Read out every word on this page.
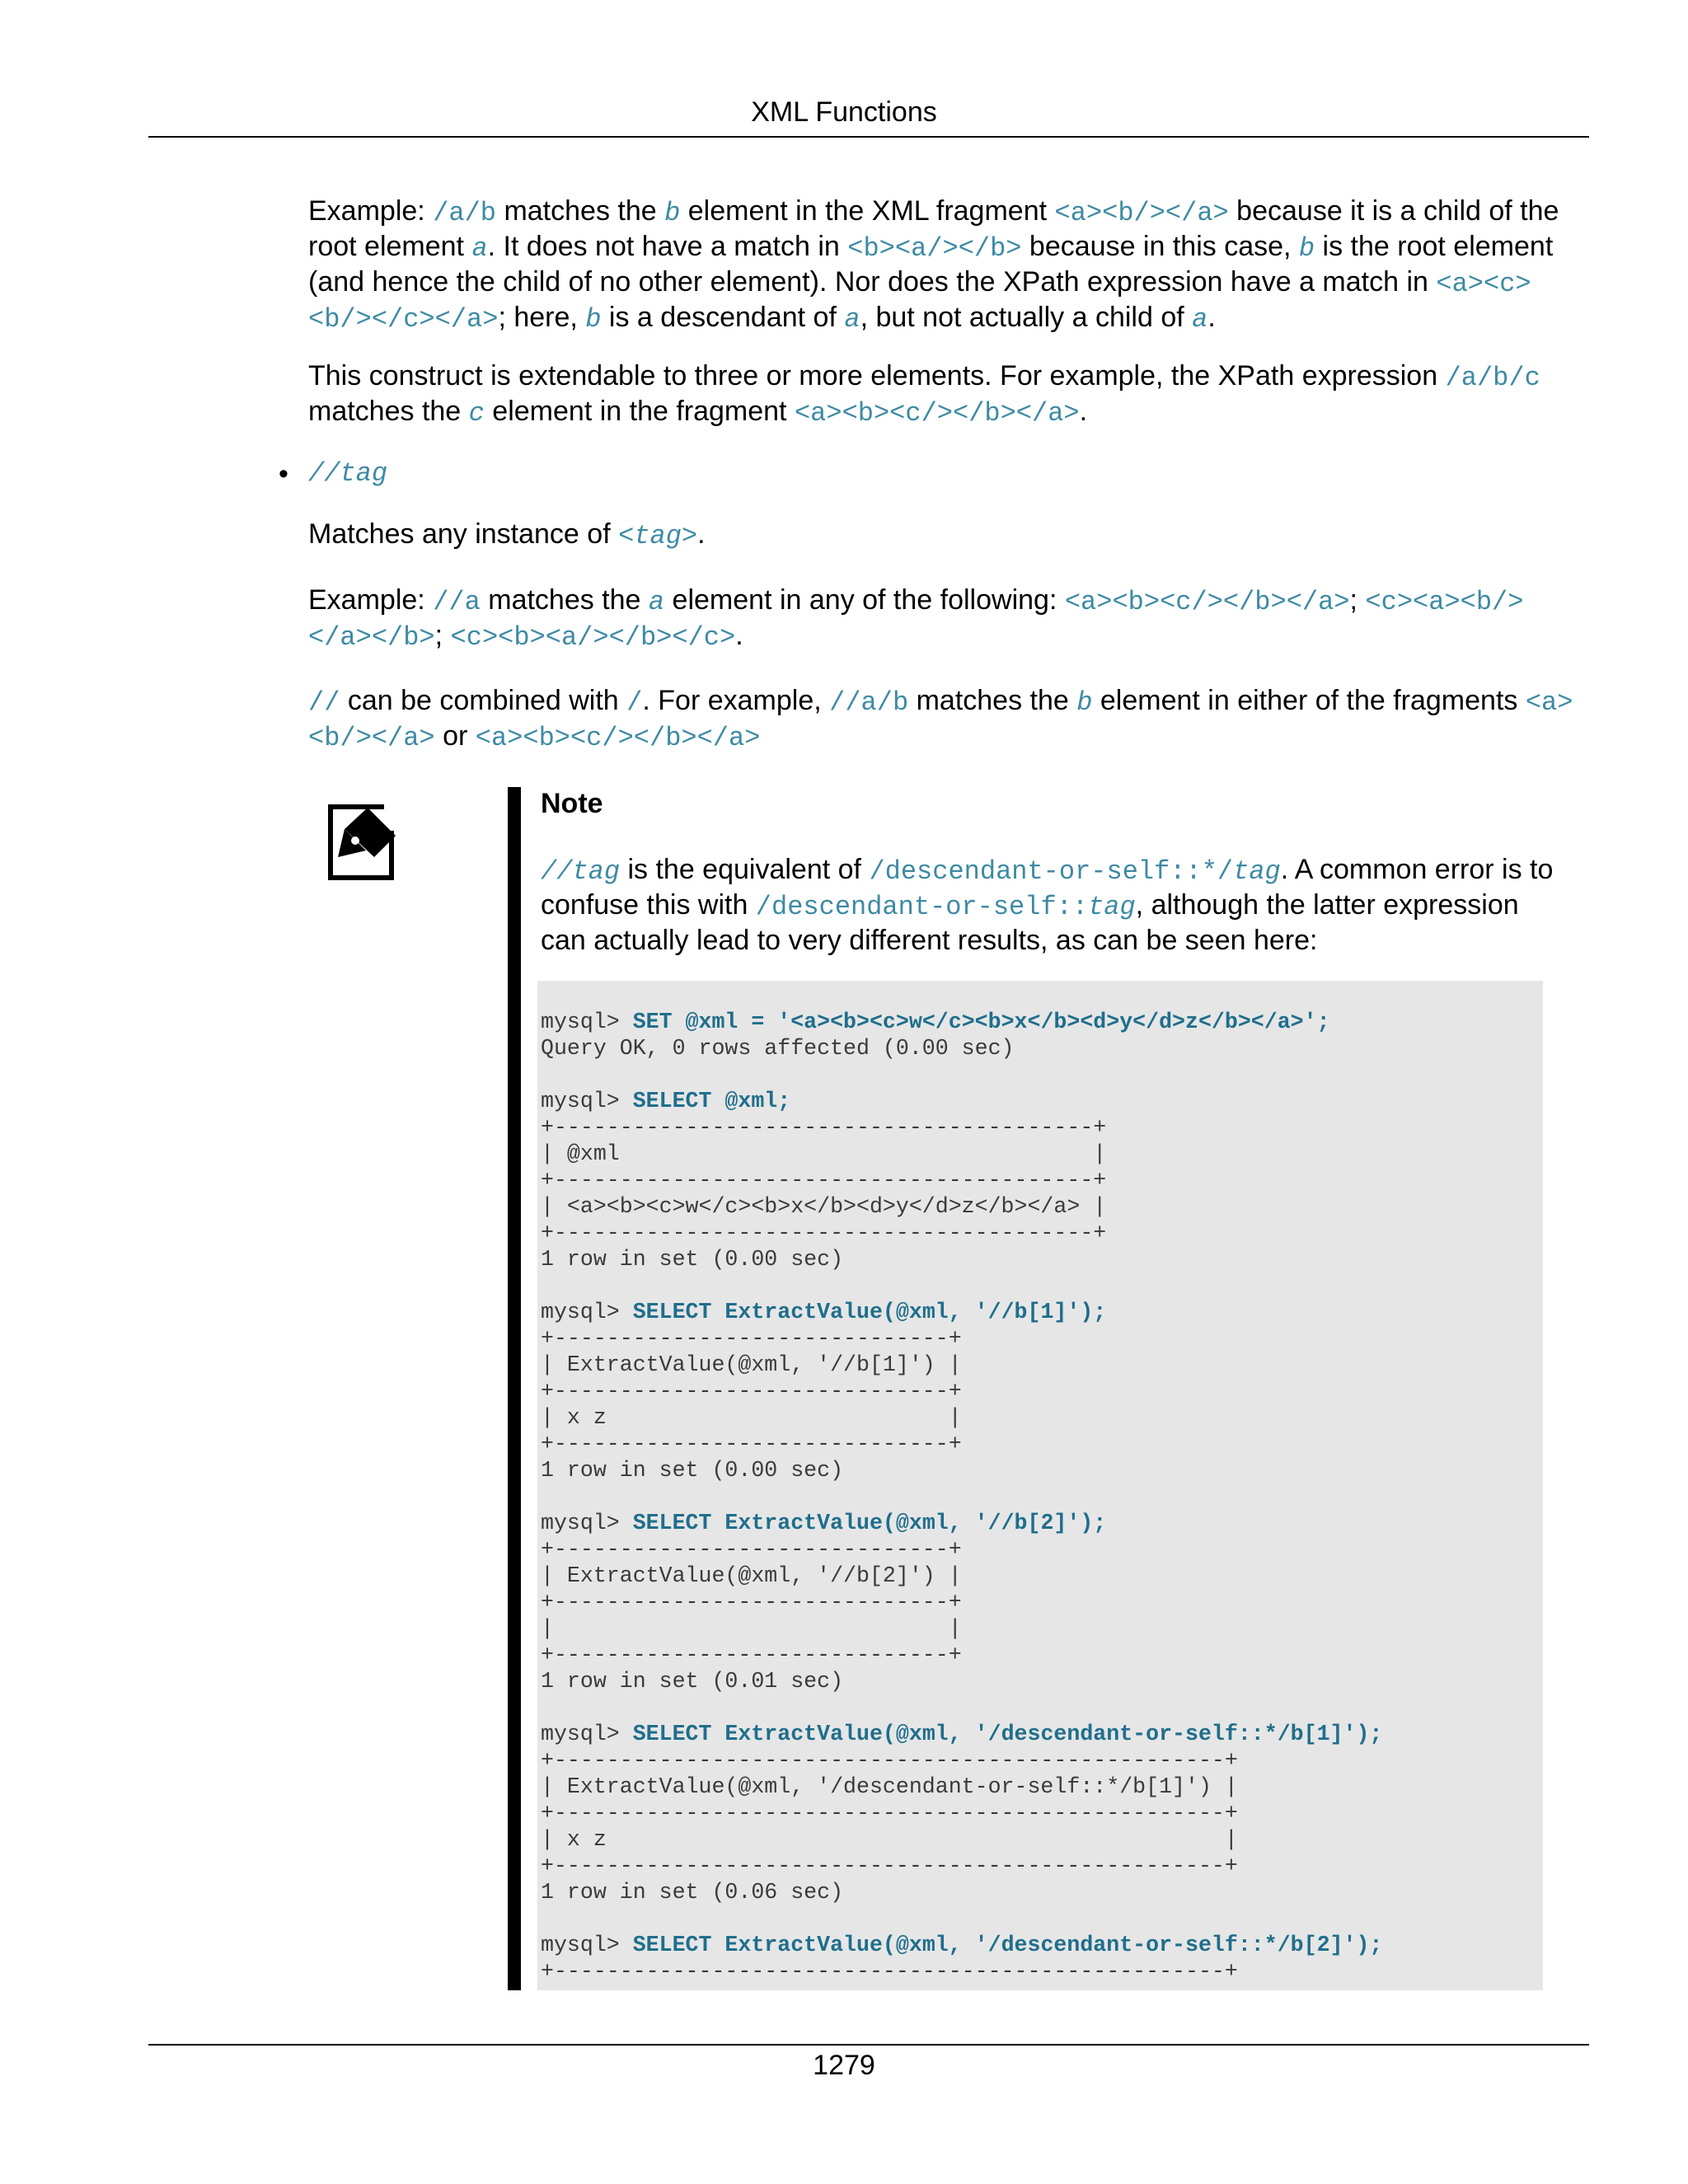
XML Functions
Example: /a/b matches the b element in the XML fragment <a><b/></a> because it is a child of the root element a. It does not have a match in <b><a/></b> because in this case, b is the root element (and hence the child of no other element). Nor does the XPath expression have a match in <a><c><b/></c></a>; here, b is a descendant of a, but not actually a child of a.
This construct is extendable to three or more elements. For example, the XPath expression /a/b/c matches the c element in the fragment <a><b><c/></b></a>.
• //tag
Matches any instance of <tag>.
Example: //a matches the a element in any of the following: <a><b><c/></b></a>; <c><a><b/></a></b>; <c><b><a/></b></c>.
// can be combined with /. For example, //a/b matches the b element in either of the fragments <a><b/></a> or <a><b><c/></b></a>
Note
//tag is the equivalent of /descendant-or-self::*/tag. A common error is to confuse this with /descendant-or-self::tag, although the latter expression can actually lead to very different results, as can be seen here:
mysql> SET @xml = '<a><b><c>w</c><b>x</b><d>y</d>z</b></a>';
Query OK, 0 rows affected (0.00 sec)
mysql> SELECT @xml;
+-----------------------------------------+
| @xml                                    |
+-----------------------------------------+
| <a><b><c>w</c><b>x</b><d>y</d>z</b></a> |
+-----------------------------------------+
1 row in set (0.00 sec)
mysql> SELECT ExtractValue(@xml, '//b[1]');
+------------------------------+
| ExtractValue(@xml, '//b[1]') |
+------------------------------+
| x z                          |
+------------------------------+
1 row in set (0.00 sec)
mysql> SELECT ExtractValue(@xml, '//b[2]');
+------------------------------+
| ExtractValue(@xml, '//b[2]') |
+------------------------------+
|                              |
+------------------------------+
1 row in set (0.01 sec)
mysql> SELECT ExtractValue(@xml, '/descendant-or-self::*/b[1]');
+---------------------------------------------------+
| ExtractValue(@xml, '/descendant-or-self::*/b[1]') |
+---------------------------------------------------+
| x z                                               |
+---------------------------------------------------+
1 row in set (0.06 sec)
mysql> SELECT ExtractValue(@xml, '/descendant-or-self::*/b[2]');
+---------------------------------------------------+
1279
